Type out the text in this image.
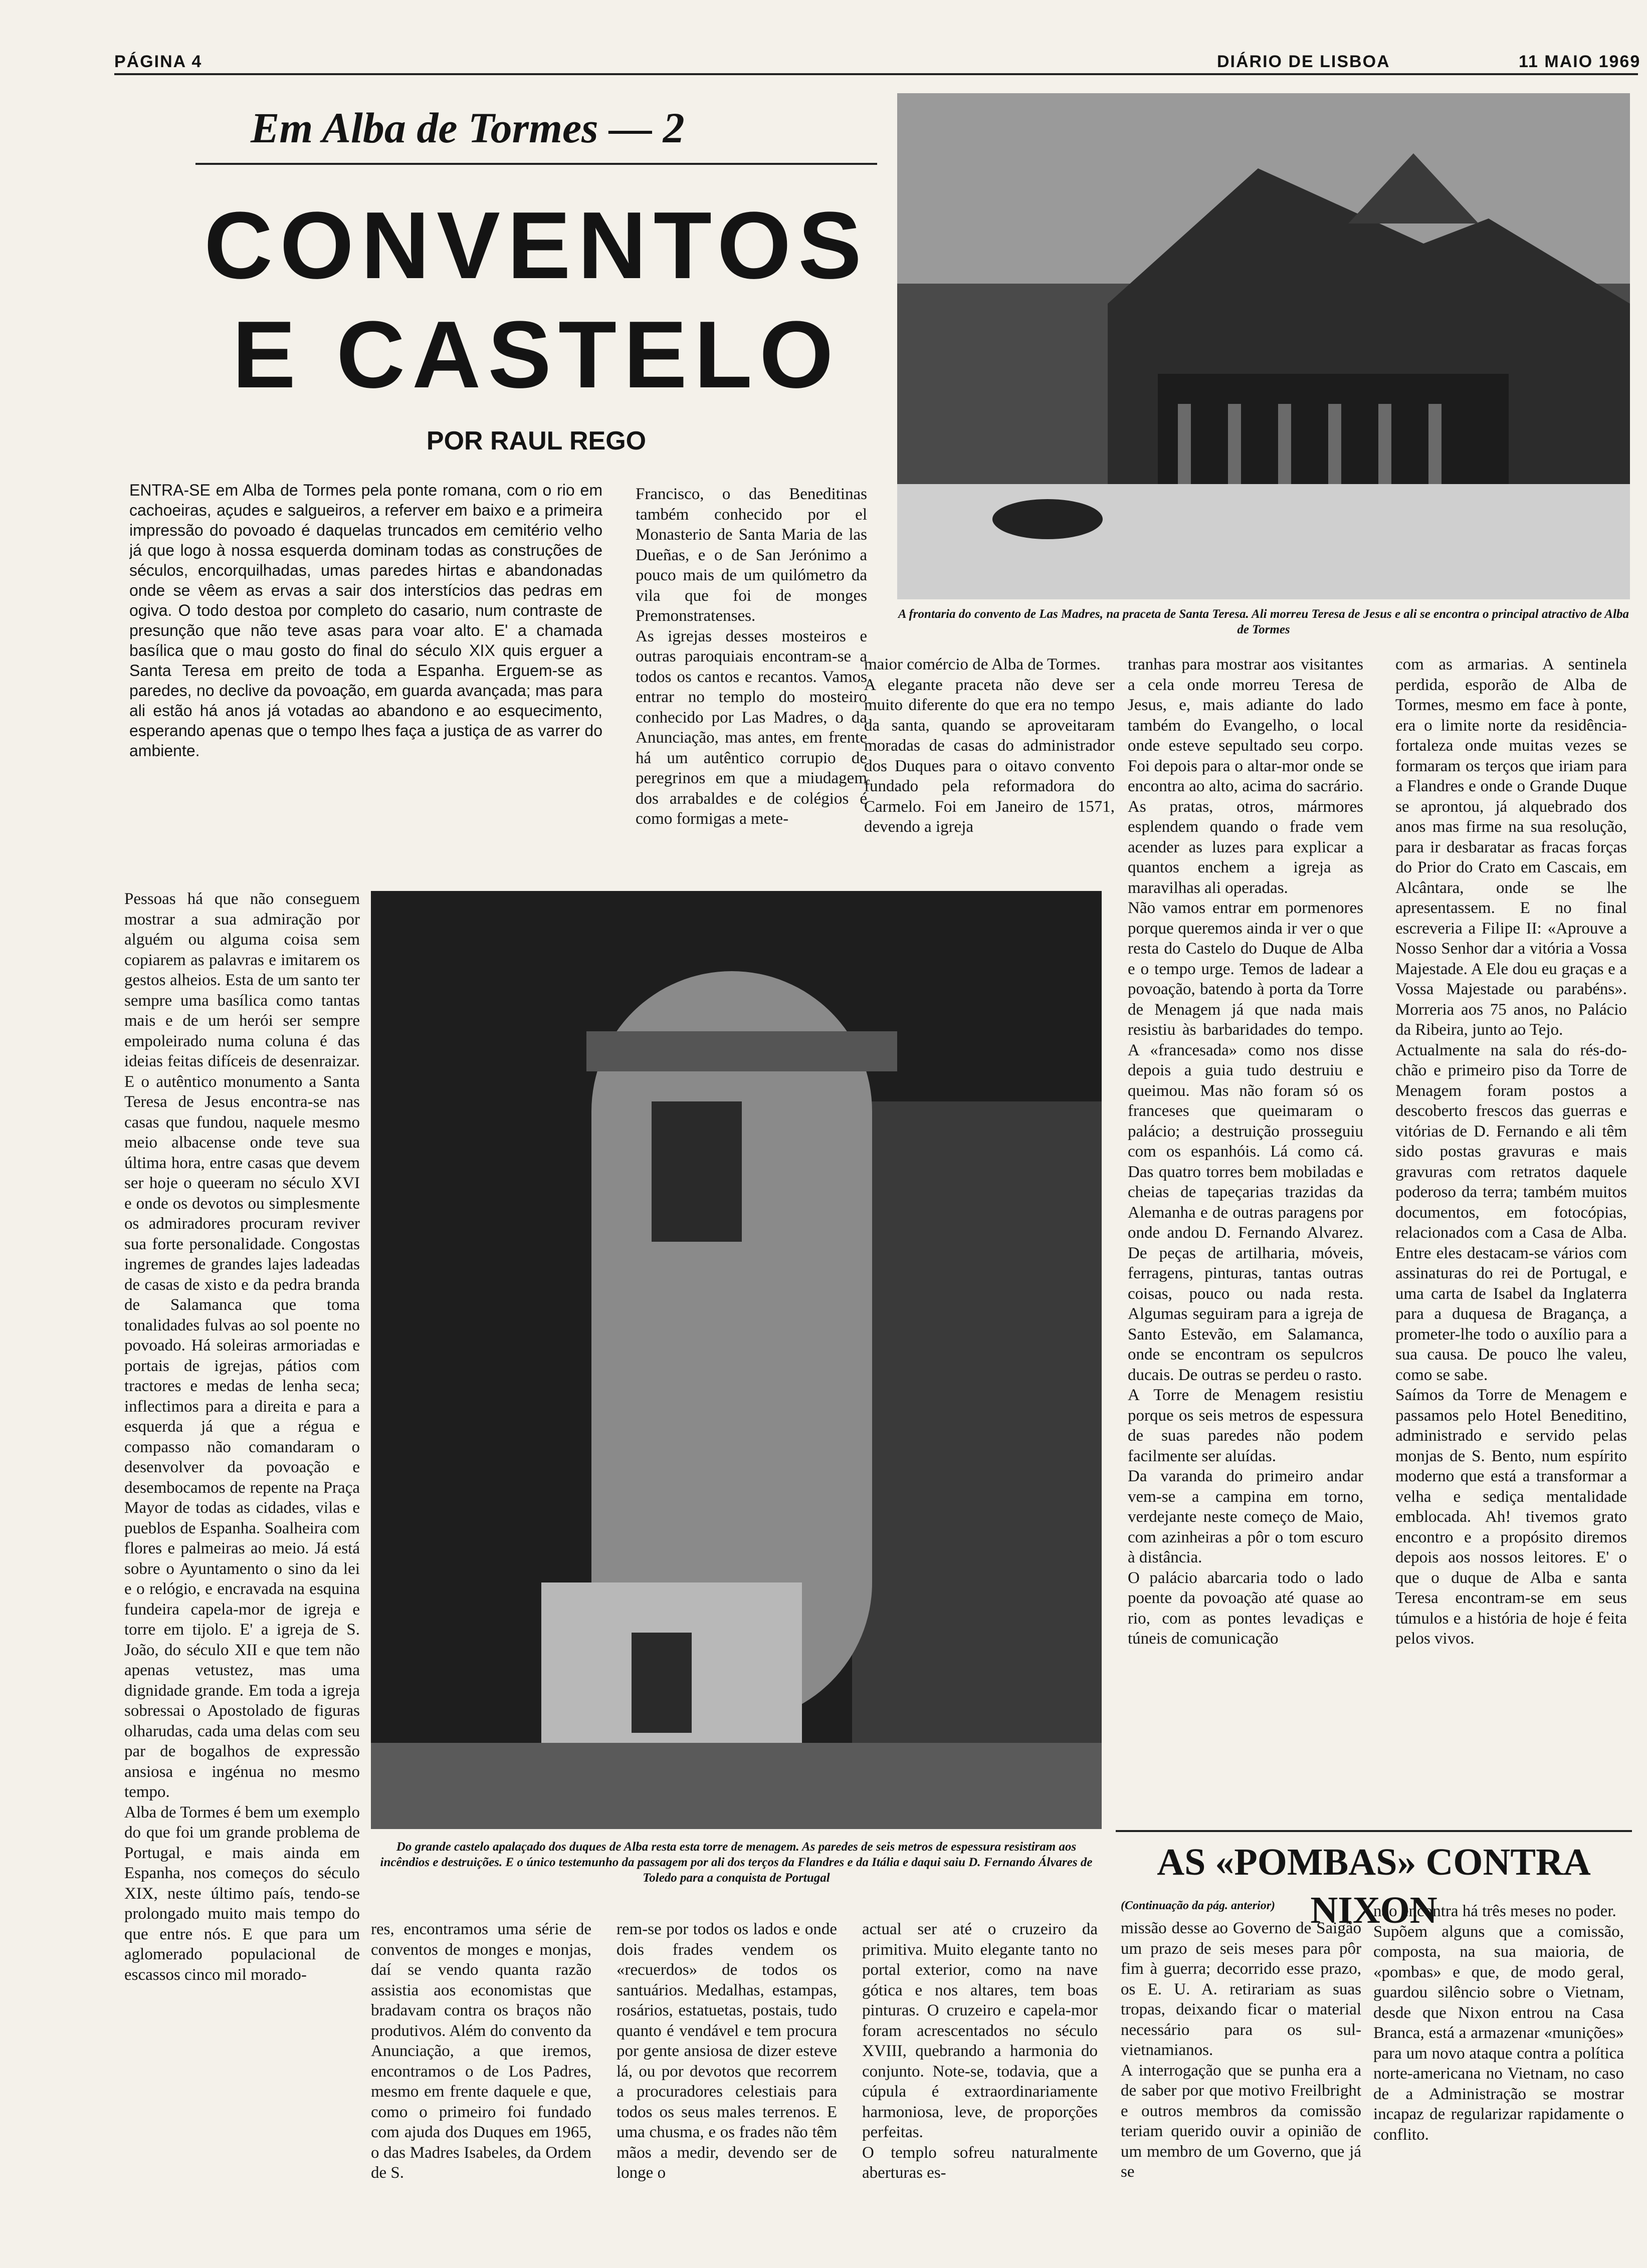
PÁGINA 4	DIÁRIO DE LISBOA	11 MAIO 1969
Em Alba de Tormes — 2
CONVENTOS
E CASTELO
POR RAUL REGO
ENTRA-SE em Alba de Tormes pela ponte romana, com o rio em cachoeiras, açudes e salgueiros, a referver em baixo e a primeira impressão do povoado é daquelas truncados em cemitério velho já que logo à nossa esquerda dominam todas as construções de séculos, encorquilhadas, umas paredes hirtas e abandonadas onde se vêem as ervas a sair dos interstícios das pedras em ogiva. O todo destoa por completo do casario, num contraste de presunção que não teve asas para voar alto. E' a chamada basílica que o mau gosto do final do século XIX quis erguer a Santa Teresa em preito de toda a Espanha. Erguem-se as paredes, no declive da povoação, em guarda avançada; mas para ali estão há anos já votadas ao abandono e ao esquecimento, esperando apenas que o tempo lhes faça a justiça de as varrer do ambiente.
Francisco, o das Beneditinas também conhecido por el Monasterio de Santa Maria de las Dueñas, e o de San Jerónimo a pouco mais de um quilómetro da vila que foi de monges Premonstratenses.
As igrejas desses mosteiros e outras paroquiais encontram-se a todos os cantos e recantos. Vamos entrar no templo do mosteiro conhecido por Las Madres, o da Anunciação, mas antes, em frente há um autêntico corrupio de peregrinos em que a miudagem dos arrabaldes e de colégios é como formigas a mete-
A frontaria do convento de Las Madres, na praceta de Santa Teresa. Ali morreu Teresa de Jesus e ali se encontra o principal atractivo de Alba de Tormes
maior comércio de Alba de Tormes.
A elegante praceta não deve ser muito diferente do que era no tempo da santa, quando se aproveitaram moradas de casas do administrador dos Duques para o oitavo convento fundado pela reformadora do Carmelo. Foi em Janeiro de 1571, devendo a igreja
tranhas para mostrar aos visitantes a cela onde morreu Teresa de Jesus, e, mais adiante do lado também do Evangelho, o local onde esteve sepultado seu corpo. Foi depois para o altar-mor onde se encontra ao alto, acima do sacrário. As pratas, otros, mármores esplendem quando o frade vem acender as luzes para explicar a quantos enchem a igreja as maravilhas ali operadas.
Não vamos entrar em pormenores porque queremos ainda ir ver o que resta do Castelo do Duque de Alba e o tempo urge. Temos de ladear a povoação, batendo à porta da Torre de Menagem já que nada mais resistiu às barbaridades do tempo. A «francesada» como nos disse depois a guia tudo destruiu e queimou. Mas não foram só os franceses que queimaram o palácio; a destruição prosseguiu com os espanhóis. Lá como cá. Das quatro torres bem mobiladas e cheias de tapeçarias trazidas da Alemanha e de outras paragens por onde andou D. Fernando Alvarez. De peças de artilharia, móveis, ferragens, pinturas, tantas outras coisas, pouco ou nada resta. Algumas seguiram para a igreja de Santo Estevão, em Salamanca, onde se encontram os sepulcros ducais. De outras se perdeu o rasto.
A Torre de Menagem resistiu porque os seis metros de espessura de suas paredes não podem facilmente ser aluídas.
Da varanda do primeiro andar vem-se a campina em torno, verdejante neste começo de Maio, com azinheiras a pôr o tom escuro à distância.
O palácio abarcaria todo o lado poente da povoação até quase ao rio, com as pontes levadiças e túneis de comunicação
com as armarias. A sentinela perdida, esporão de Alba de Tormes, mesmo em face à ponte, era o limite norte da residência-fortaleza onde muitas vezes se formaram os terços que iriam para a Flandres e onde o Grande Duque se aprontou, já alquebrado dos anos mas firme na sua resolução, para ir desbaratar as fracas forças do Prior do Crato em Cascais, em Alcântara, onde se lhe apresentassem. E no final escreveria a Filipe II: «Aprouve a Nosso Senhor dar a vitória a Vossa Majestade. A Ele dou eu graças e a Vossa Majestade ou parabéns». Morreria aos 75 anos, no Palácio da Ribeira, junto ao Tejo.
Actualmente na sala do rés-do-chão e primeiro piso da Torre de Menagem foram postos a descoberto frescos das guerras e vitórias de D. Fernando e ali têm sido postas gravuras e mais gravuras com retratos daquele poderoso da terra; também muitos documentos, em fotocópias, relacionados com a Casa de Alba. Entre eles destacam-se vários com assinaturas do rei de Portugal, e uma carta de Isabel da Inglaterra para a duquesa de Bragança, a prometer-lhe todo o auxílio para a sua causa. De pouco lhe valeu, como se sabe.
Saímos da Torre de Menagem e passamos pelo Hotel Beneditino, administrado e servido pelas monjas de S. Bento, num espírito moderno que está a transformar a velha e sediça mentalidade emblocada. Ah! tivemos grato encontro e a propósito diremos depois aos nossos leitores. E' o que o duque de Alba e santa Teresa encontram-se em seus túmulos e a história de hoje é feita pelos vivos.
Pessoas há que não conseguem mostrar a sua admiração por alguém ou alguma coisa sem copiarem as palavras e imitarem os gestos alheios. Esta de um santo ter sempre uma basílica como tantas mais e de um herói ser sempre empoleirado numa coluna é das ideias feitas difíceis de desenraizar. E o autêntico monumento a Santa Teresa de Jesus encontra-se nas casas que fundou, naquele mesmo meio albacense onde teve sua última hora, entre casas que devem ser hoje o queeram no século XVI e onde os devotos ou simplesmente os admiradores procuram reviver sua forte personalidade. Congostas ingremes de grandes lajes ladeadas de casas de xisto e da pedra branda de Salamanca que toma tonalidades fulvas ao sol poente no povoado. Há soleiras armoriadas e portais de igrejas, pátios com tractores e medas de lenha seca; inflectimos para a direita e para a esquerda já que a régua e compasso não comandaram o desenvolver da povoação e desembocamos de repente na Praça Mayor de todas as cidades, vilas e pueblos de Espanha. Soalheira com flores e palmeiras ao meio. Já está sobre o Ayuntamento o sino da lei e o relógio, e encravada na esquina fundeira capela-mor de igreja e torre em tijolo. E' a igreja de S. João, do século XII e que tem não apenas vetustez, mas uma dignidade grande. Em toda a igreja sobressai o Apostolado de figuras olharudas, cada uma delas com seu par de bogalhos de expressão ansiosa e ingénua no mesmo tempo.
Alba de Tormes é bem um exemplo do que foi um grande problema de Portugal, e mais ainda em Espanha, nos começos do século XIX, neste último país, tendo-se prolongado muito mais tempo do que entre nós. E que para um aglomerado populacional de escassos cinco mil morado-
Do grande castelo apalaçado dos duques de Alba resta esta torre de menagem. As paredes de seis metros de espessura resistiram aos incêndios e destruições. E o único testemunho da passagem por ali dos terços da Flandres e da Itália e daqui saiu D. Fernando Álvares de Toledo para a conquista de Portugal
res, encontramos uma série de conventos de monges e monjas, daí se vendo quanta razão assistia aos economistas que bradavam contra os braços não produtivos. Além do convento da Anunciação, a que iremos, encontramos o de Los Padres, mesmo em frente daquele e que, como o primeiro foi fundado com ajuda dos Duques em 1965, o das Madres Isabeles, da Ordem de S.
rem-se por todos os lados e onde dois frades vendem os «recuerdos» de todos os santuários. Medalhas, estampas, rosários, estatuetas, postais, tudo quanto é vendável e tem procura por gente ansiosa de dizer esteve lá, ou por devotos que recorrem a procuradores celestiais para todos os seus males terrenos. E uma chusma, e os frades não têm mãos a medir, devendo ser de longe o
actual ser até o cruzeiro da primitiva. Muito elegante tanto no portal exterior, como na nave gótica e nos altares, tem boas pinturas. O cruzeiro e capela-mor foram acrescentados no século XVIII, quebrando a harmonia do conjunto. Note-se, todavia, que a cúpula é extraordinariamente harmoniosa, leve, de proporções perfeitas.
O templo sofreu naturalmente aberturas es-
AS «POMBAS» CONTRA NIXON
(Continuação da pág. anterior)
missão desse ao Governo de Saigão um prazo de seis meses para pôr fim à guerra; decorrido esse prazo, os E. U. A. retirariam as suas tropas, deixando ficar o material necessário para os sul-vietnamianos.
A interrogação que se punha era a de saber por que motivo Freilbright e outros membros da comissão teriam querido ouvir a opinião de um membro de um Governo, que já se
não encontra há três meses no poder.
Supõem alguns que a comissão, composta, na sua maioria, de «pombas» e que, de modo geral, guardou silêncio sobre o Vietnam, desde que Nixon entrou na Casa Branca, está a armazenar «munições» para um novo ataque contra a política norte-americana no Vietnam, no caso de a Administração se mostrar incapaz de regularizar rapidamente o conflito.
